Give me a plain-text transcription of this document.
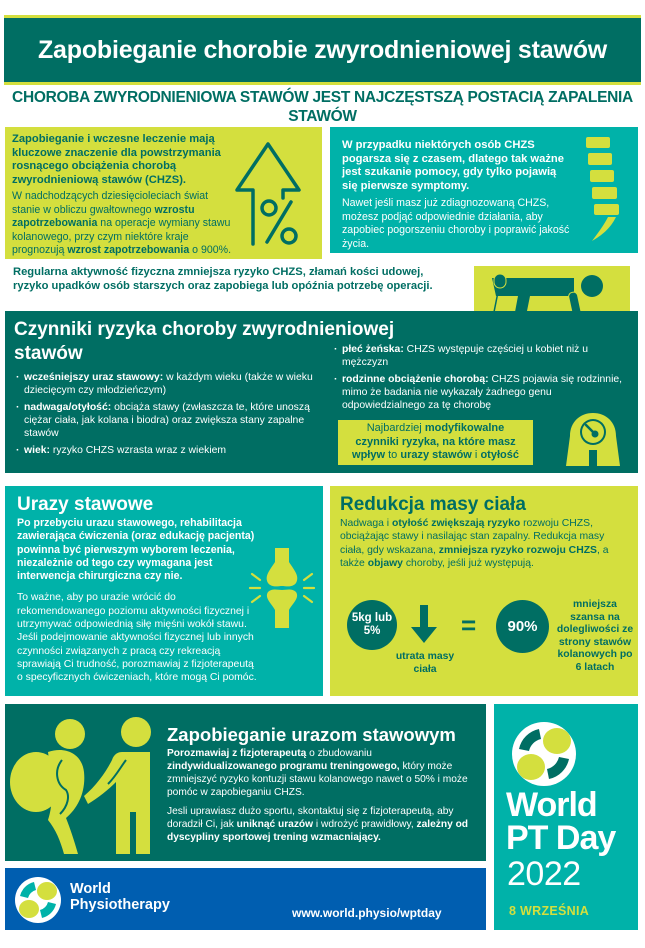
Zapobieganie chorobie zwyrodnieniowej stawów
CHOROBA ZWYRODNIENIOWA STAWÓW JEST NAJCZĘSTSZĄ POSTACIĄ ZAPALENIA STAWÓW

Zapobieganie i wczesne leczenie mają kluczowe znaczenie dla powstrzymania rosnącego obciążenia chorobą zwyrodnieniową stawów (CHZS).

W nadchodzących dziesięcioleciach świat stanie w obliczu gwałtownego wzrostu zapotrzebowania na operacje wymiany stawu kolanowego, przy czym niektóre kraje prognozują wzrost zapotrzebowania o 900%.

W przypadku niektórych osób CHZS pogarsza się z czasem, dlatego tak ważne jest szukanie pomocy, gdy tylko pojawią się pierwsze symptomy.

Nawet jeśli masz już zdiagnozowaną CHZS, możesz podjąć odpowiednie działania, aby zapobiec pogorszeniu choroby i poprawić jakość życia.

Regularna aktywność fizyczna zmniejsza ryzyko CHZS, złamań kości udowej, ryzyko upadków osób starszych oraz zapobiega lub opóźnia potrzebę operacji.

Czynniki ryzyka choroby zwyrodnieniowej stawów
· wcześniejszy uraz stawowy: w każdym wieku (także w wieku dziecięcym czy młodzieńczym)
· nadwaga/otyłość: obciąża stawy (zwłaszcza te, które unoszą ciężar ciała, jak kolana i biodra) oraz zwiększa stany zapalne stawów
· wiek: ryzyko CHZS wzrasta wraz z wiekiem
· płeć żeńska: CHZS występuje częściej u kobiet niż u mężczyzn
· rodzinne obciążenie chorobą: CHZS pojawia się rodzinnie, mimo że badania nie wykazały żadnego genu odpowiedzialnego za tę chorobę

Najbardziej modyfikowalne czynniki ryzyka, na które masz wpływ to urazy stawów i otyłość

Urazy stawowe

Po przebyciu urazu stawowego, rehabilitacja zawierająca ćwiczenia (oraz edukację pacjenta) powinna być pierwszym wyborem leczenia, niezależnie od tego czy wymagana jest interwencja chirurgiczna czy nie.

To ważne, aby po urazie wrócić do rekomendowanego poziomu aktywności fizycznej i utrzymywać odpowiednią siłę mięśni wokół stawu. Jeśli podejmowanie aktywności fizycznej lub innych czynności związanych z pracą czy rekreacją sprawiają Ci trudność, porozmawiaj z fizjoterapeutą o specyficznych ćwiczeniach, które mogą Ci pomóc.

Redukcja masy ciała

Nadwaga i otyłość zwiększają ryzyko rozwoju CHZS, obciążając stawy i nasilając stan zapalny. Redukcja masy ciała, gdy wskazana, zmniejsza ryzyko rozwoju CHZS, a także objawy choroby, jeśli już występują.

5kg lub 5%
utrata masy ciała
=	90%
mniejsza szansa na dolegliwości ze strony stawów kolanowych po 6 latach
Zapobieganie urazom stawowym

Porozmawiaj z fizjoterapeutą o zbudowaniu zindywidualizowanego programu treningowego, który może zmniejszyć ryzyko kontuzji stawu kolanowego nawet o 50% i może pomóc w zapobieganiu CHZS.

Jesli uprawiasz dużo sportu, skontaktuj się z fizjoterapeutą, aby doradził Ci, jak uniknąć urazów i wdrożyć prawidłowy, zależny od dyscypliny sportowej trening wzmacniający.

World
Physiotherapy	www.world.physio/wptday
World
PT Day
2022
8 WRZEŚNIA
